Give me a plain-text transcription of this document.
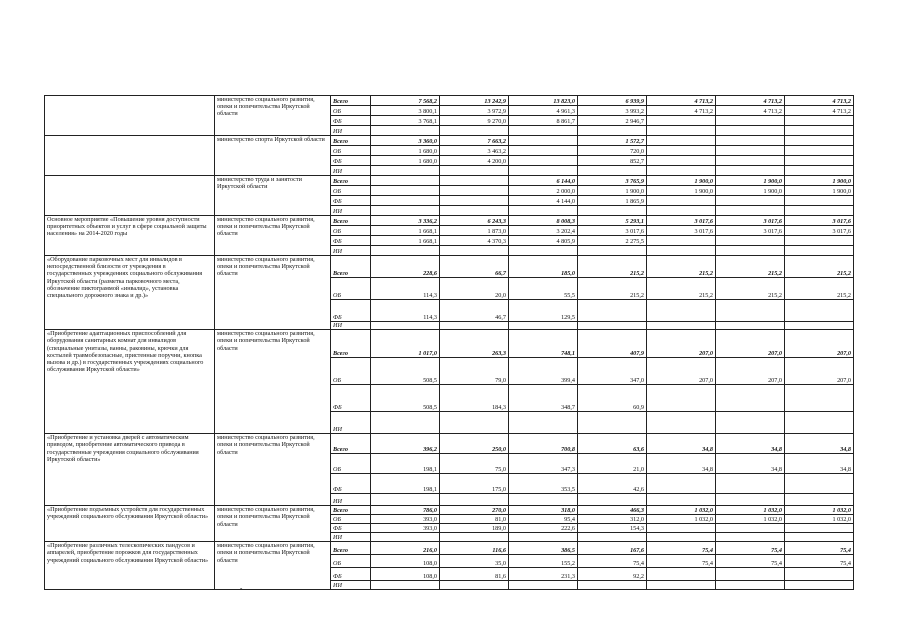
	министерство социального развития, опеки и попечительства Иркутской области	Всего	7 568,2	13 242,9	13 823,0	6 939,9	4 713,2	4 713,2	4 713,2
		ОБ	3 800,1	3 972,9	4 961,3	3 993,2	4 713,2	4 713,2	4 713,2
		ФБ	3 768,1	9 270,0	8 861,7	2 946,7			
		ИИ							
	министерство спорта Иркутской области	Всего	3 360,0	7 663,2		1 572,7			
		ОБ	1 680,0	3 463,2		720,0			
		ФБ	1 680,0	4 200,0		852,7			
		ИИ							
	министерство труда и занятости Иркутской области	Всего			6 144,0	3 765,9	1 900,0	1 900,0	1 900,0
		ОБ			2 000,0	1 900,0	1 900,0	1 900,0	1 900,0
		ФБ			4 144,0	1 865,9			
		ИИ							
Основное мероприятие «Повышение уровня доступности приоритетных объектов и услуг в сфере социальной защиты населения» на 2014-2020 годы	министерство социального развития, опеки и попечительства Иркутской области	Всего	3 336,2	6 243,3	8 008,3	5 293,1	3 017,6	3 017,6	3 017,6
		ОБ	1 668,1	1 873,0	3 202,4	3 017,6	3 017,6	3 017,6	3 017,6
		ФБ	1 668,1	4 370,3	4 805,9	2 275,5			
		ИИ							
«Оборудование парковочных мест для инвалидов в непосредственной близости от учреждения в государственных учреждениях социального обслуживания Иркутской области (разметка парковочного места, обозначение пиктограммой «инвалид», установка специального дорожного знака и др.)»	министерство социального развития, опеки и попечительства Иркутской области	Всего	228,6	66,7	185,0	215,2	215,2	215,2	215,2
		ОБ	114,3	20,0	55,5	215,2	215,2	215,2	215,2
		ФБ	114,3	46,7	129,5				
		ИИ							
«Приобретение адаптационных приспособлений для оборудования санитарных комнат для инвалидов (специальные унитазы, ванны, раковины, крючки для костылей травмобезопасные, пристенные поручни, кнопка вызова и др.) в государственных учреждениях социального обслуживания Иркутской области»	министерство социального развития, опеки и попечительства Иркутской области	Всего	1 017,0	263,3	748,1	407,9	207,0	207,0	207,0
		ОБ	508,5	79,0	399,4	347,0	207,0	207,0	207,0
		ФБ	508,5	184,3	348,7	60,9			
		ИИ							
«Приобретение и установка дверей с автоматическим приводом, приобретение автоматического привода в государственные учреждения социального обслуживания Иркутской области»	министерство социального развития, опеки и попечительства Иркутской области	Всего	396,2	250,0	700,8	63,6	34,8	34,8	34,8
		ОБ	198,1	75,0	347,3	21,0	34,8	34,8	34,8
		ФБ	198,1	175,0	353,5	42,6			
		ИИ							
«Приобретение подъемных устройств для государственных учреждений социального обслуживания Иркутской области»	министерство социального развития, опеки и попечительства Иркутской области	Всего	786,0	270,0	318,0	466,3	1 032,0	1 032,0	1 032,0
		ОБ	393,0	81,0	95,4	312,0	1 032,0	1 032,0	1 032,0
		ФБ	393,0	189,0	222,6	154,3			
		ИИ							
«Приобретение различных телескопических пандусов и аппарелей, приобретение порожков для государственных учреждений социального обслуживания Иркутской области»	министерство социального развития, опеки и попечительства Иркутской области	Всего	216,0	116,6	386,5	167,6	75,4	75,4	75,4
		ОБ	108,0	35,0	155,2	75,4	75,4	75,4	75,4
		ФБ	108,0	81,6	231,3	92,2			
		ИИ							
-
